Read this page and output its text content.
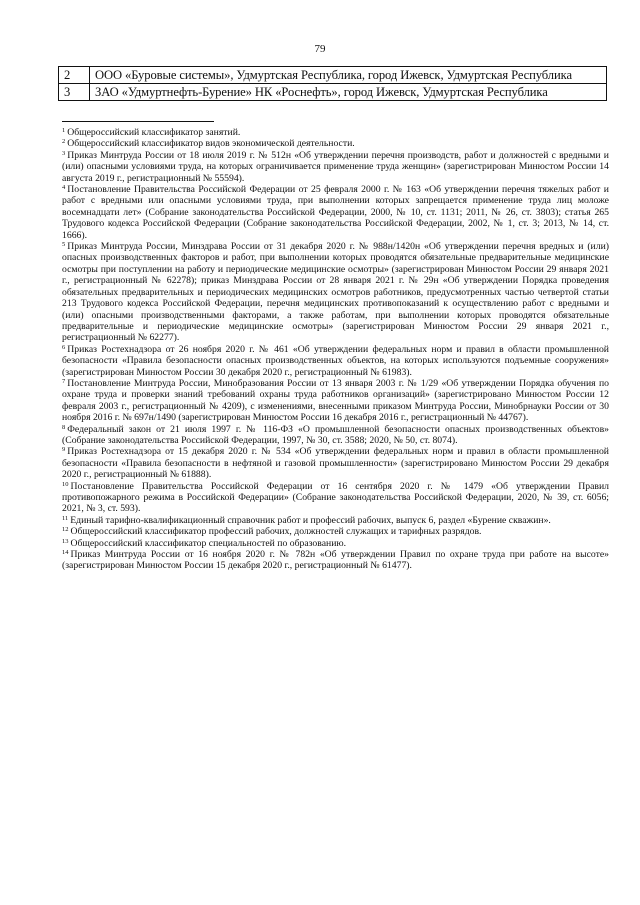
79
2	ООО «Буровые системы», Удмуртская Республика, город Ижевск, Удмуртская Республика
3	ЗАО «Удмуртнефть-Бурение» НК «Роснефть», город Ижевск, Удмуртская Республика

$^1$ Общероссийский классификатор занятий.

$^2$ Общероссийский классификатор видов экономической деятельности.

$^3$ Приказ Минтруда России от 18 июля 2019 г. № 512н «Об утверждении перечня производств, работ и должностей с вредными и (или) опасными условиями труда, на которых ограничивается применение труда женщин» (зарегистрирован Минюстом России 14 августа 2019 г., регистрационный № 55594).

$^4$ Постановление Правительства Российской Федерации от 25 февраля 2000 г. № 163 «Об утверждении перечня тяжелых работ и работ с вредными или опасными условиями труда, при выполнении которых запрещается применение труда лиц моложе восемнадцати лет» (Собрание законодательства Российской Федерации, 2000, № 10, ст. 1131; 2011, № 26, ст. 3803); статья 265 Трудового кодекса Российской Федерации (Собрание законодательства Российской Федерации, 2002, № 1, ст. 3; 2013, № 14, ст. 1666).

$^5$ Приказ Минтруда России, Минздрава России от 31 декабря 2020 г. № 988н/1420н «Об утверждении перечня вредных и (или) опасных производственных факторов и работ, при выполнении которых проводятся обязательные предварительные медицинские осмотры при поступлении на работу и периодические медицинские осмотры» (зарегистрирован Минюстом России 29 января 2021 г., регистрационный № 62278); приказ Минздрава России от 28 января 2021 г. № 29н «Об утверждении Порядка проведения обязательных предварительных и периодических медицинских осмотров работников, предусмотренных частью четвертой статьи 213 Трудового кодекса Российской Федерации, перечня медицинских противопоказаний к осуществлению работ с вредными и (или) опасными производственными факторами, а также работам, при выполнении которых проводятся обязательные предварительные и периодические медицинские осмотры» (зарегистрирован Минюстом России 29 января 2021 г., регистрационный № 62277).

$^6$ Приказ Ростехнадзора от 26 ноября 2020 г. № 461 «Об утверждении федеральных норм и правил в области промышленной безопасности «Правила безопасности опасных производственных объектов, на которых используются подъемные сооружения» (зарегистрирован Минюстом России 30 декабря 2020 г., регистрационный № 61983).

$^7$ Постановление Минтруда России, Минобразования России от 13 января 2003 г. № 1/29 «Об утверждении Порядка обучения по охране труда и проверки знаний требований охраны труда работников организаций» (зарегистрировано Минюстом России 12 февраля 2003 г., регистрационный № 4209), с изменениями, внесенными приказом Минтруда России, Минобрнауки России от 30 ноября 2016 г. № 697н/1490 (зарегистрирован Минюстом России 16 декабря 2016 г., регистрационный № 44767).

$^8$ Федеральный закон от 21 июля 1997 г. № 116-ФЗ «О промышленной безопасности опасных производственных объектов» (Собрание законодательства Российской Федерации, 1997, № 30, ст. 3588; 2020, № 50, ст. 8074).

$^9$ Приказ Ростехнадзора от 15 декабря 2020 г. № 534 «Об утверждении федеральных норм и правил в области промышленной безопасности «Правила безопасности в нефтяной и газовой промышленности» (зарегистрировано Минюстом России 29 декабря 2020 г., регистрационный № 61888).

$^{10}$ Постановление Правительства Российской Федерации от 16 сентября 2020 г. № 1479 «Об утверждении Правил противопожарного режима в Российской Федерации» (Собрание законодательства Российской Федерации, 2020, № 39, ст. 6056; 2021, № 3, ст. 593).

$^{11}$ Единый тарифно-квалификационный справочник работ и профессий рабочих, выпуск 6, раздел «Бурение скважин».

$^{12}$ Общероссийский классификатор профессий рабочих, должностей служащих и тарифных разрядов.

$^{13}$ Общероссийский классификатор специальностей по образованию.

$^{14}$ Приказ Минтруда России от 16 ноября 2020 г. № 782н «Об утверждении Правил по охране труда при работе на высоте» (зарегистрирован Минюстом России 15 декабря 2020 г., регистрационный № 61477).
